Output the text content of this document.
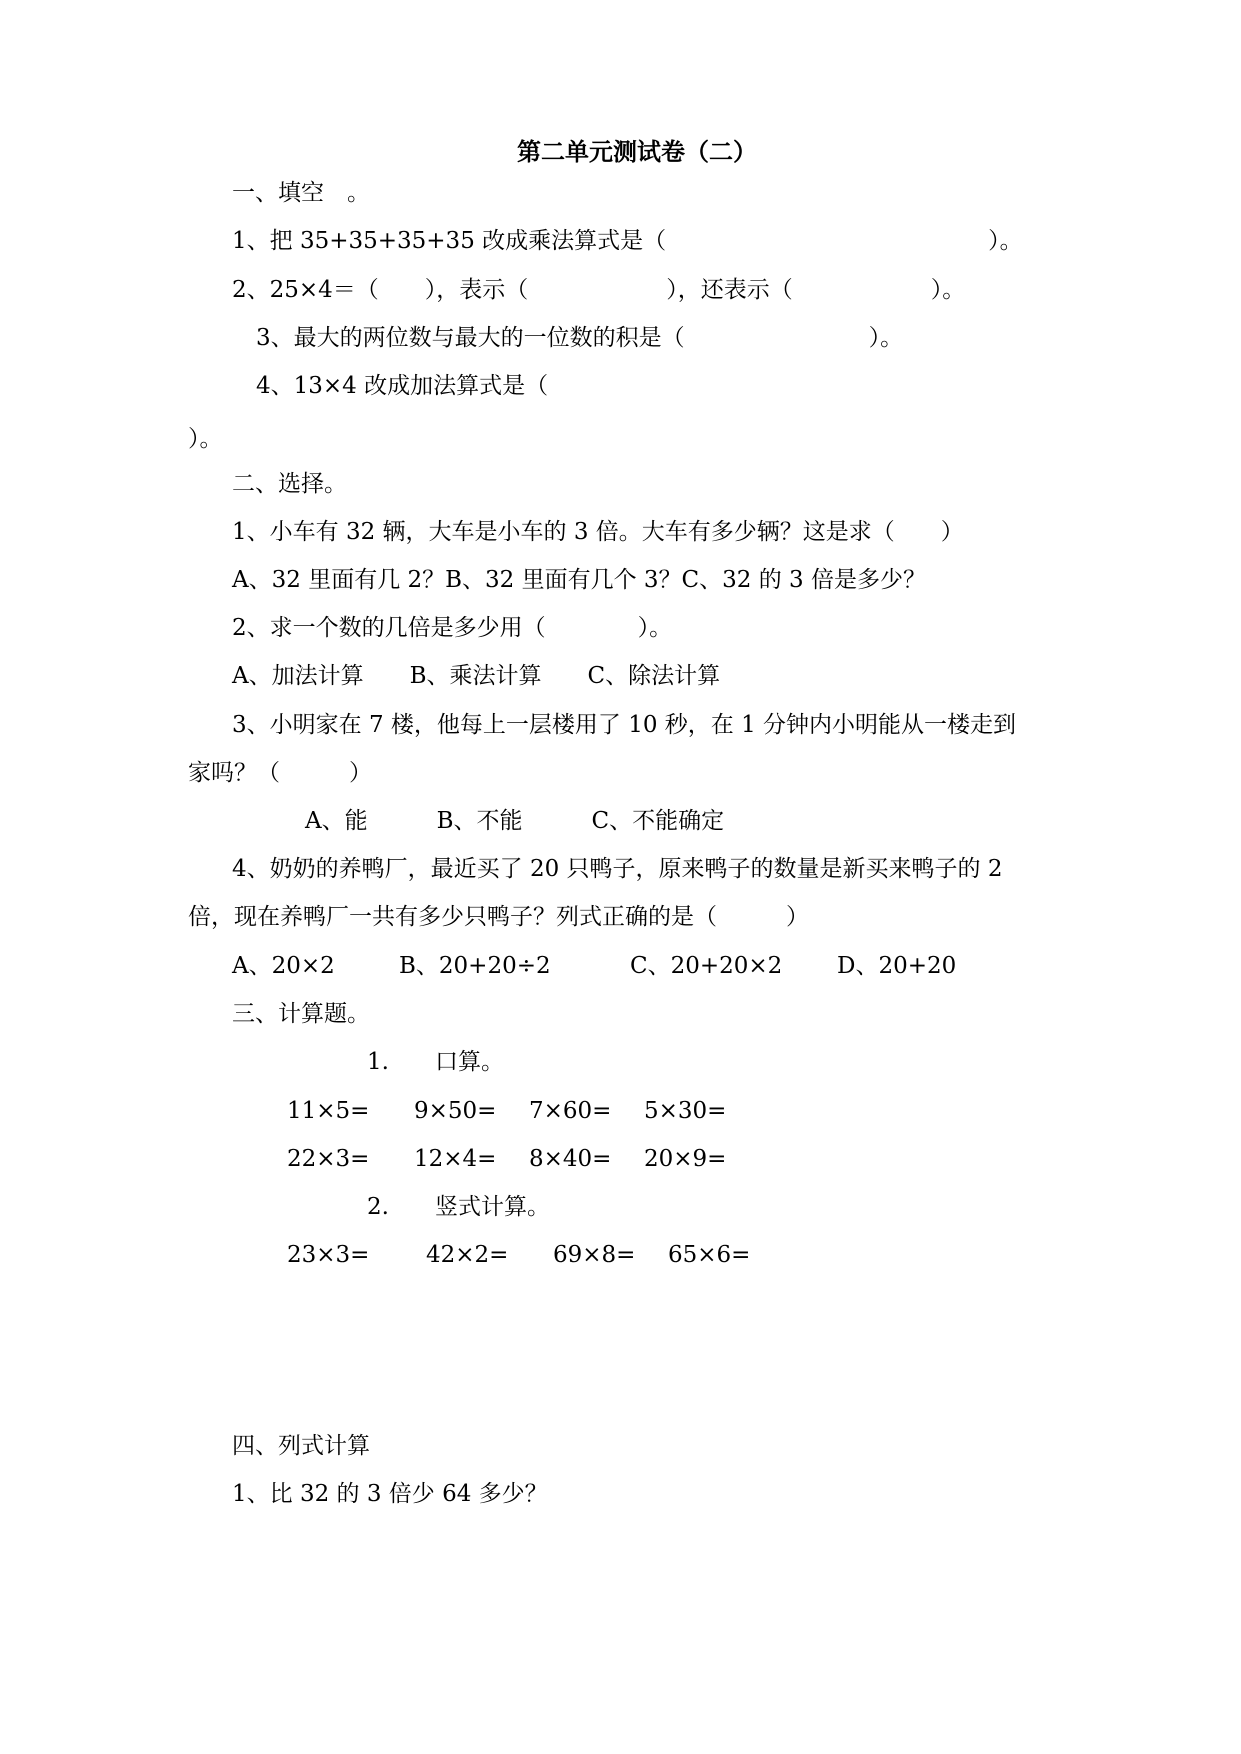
第二单元测试卷（二）
一、填空　。
1、把 35+35+35+35 改成乘法算式是（　　　　　　　　　　　　　　）。
2、25×4＝（　　），表示（　　　　　　），还表示（　　　　　　）。
3、最大的两位数与最大的一位数的积是（　　　　　　　　）。
4、13×4 改成加法算式是（
）。
二、选择。
1、小车有 32 辆，大车是小车的 3 倍。大车有多少辆？这是求（　　）
A、32 里面有几 2？B、32 里面有几个 3？C、32 的 3 倍是多少？
2、求一个数的几倍是多少用（　　　　）。
A、加法计算　　B、乘法计算　　C、除法计算
3、小明家在 7 楼，他每上一层楼用了 10 秒，在 1 分钟内小明能从一楼走到
家吗？（　　　）
A、能　　　B、不能　　　C、不能确定
4、奶奶的养鸭厂，最近买了 20 只鸭子，原来鸭子的数量是新买来鸭子的 2
倍，现在养鸭厂一共有多少只鸭子？列式正确的是（　　　）
A、20×2	B、20+20÷2	C、20+20×2 D、20+20
三、计算题。
1.　　口算。
11×5= 9×50= 7×60= 5×30=
22×3= 12×4= 8×40= 20×9=
2.　　竖式计算。
23×3= 42×2= 69×8= 65×6=
四、列式计算
1、比 32 的 3 倍少 64 多少？
